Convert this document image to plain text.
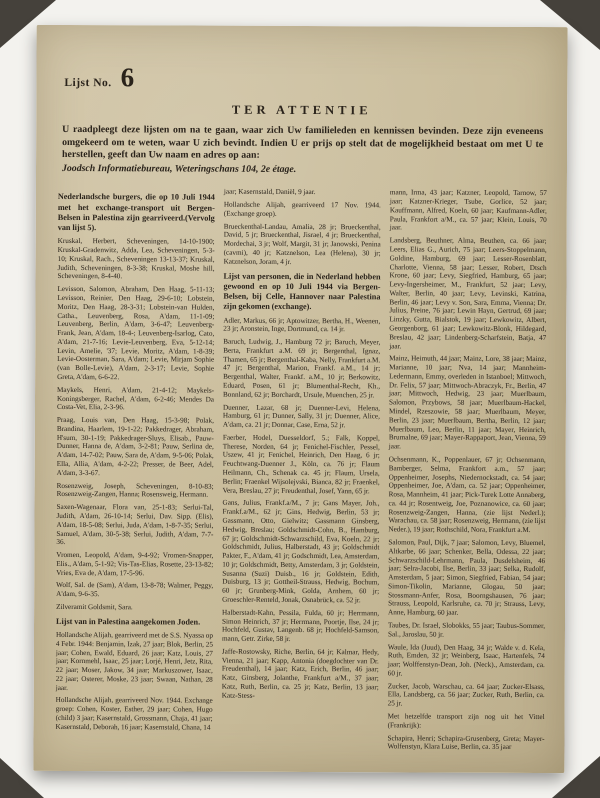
Lijst No. 6
TER ATTENTIE

U raadpleegt deze lijsten om na te gaan, waar zich Uw familieleden en kennissen bevinden. Deze zijn eveneens omgekeerd om te weten, waar U zich bevindt. Indien U er prijs op stelt dat de mogelijkheid bestaat om met U te herstellen, geeft dan Uw naam en adres op aan:

Joodsch Informatiebureau, Weteringschans 104, 2e étage.

Nederlandsche burgers, die op 10 Juli 1944 met het exchange-transport uit Bergen-Belsen in Palestina zijn gearriveerd.(Vervolg van lijst 5).

Kruskal, Herbert, Scheveningen, 14-10-1900; Kruskal-Gradenwitz, Adda, Lea, Scheveningen, 5-3-10; Kruskal, Rach., Scheveningen 13-13-37; Kruskal, Judith, Scheveningen, 8-3-38; Kruskal, Moshe hill, Scheveningen, 8-4-40.

Levisson, Salomon, Abraham, Den Haag, 5-11-13; Levisson, Reinier, Den Haag, 29-6-10; Lobstein, Moritz, Den Haag, 28-3-31; Lobstein-van Hulden, Catha., Leuvenberg, Rosa, A'dam, 11-1-09; Leuvenberg, Berlin, A'dam, 3-6-47; Leuvenberg-Frank, Jean, A'dam, 18-4-; Leuvenberg-Isarlog, Cato, A'dam, 21-7-16; Levie-Leuvenberg, Eva, 5-12-14; Levin, Amelie, '37; Levie, Moritz, A'dam, 1-8-39; Levie-Oosterman, Sara, A'dam; Levie, Mirjam Sophie (van Bolle-Levie), A'dam, 2-3-17; Levie, Sophie Greta, A'dam, 6-6-22.

Maykels, Henri, A'dam, 21-4-12; Maykels-Koningsberger, Rachel, A'dam, 6-2-46; Mendes Da Costa-Vet, Elia, 2-3-96.

Praag, Louis van, Den Haag, 15-3-98; Polak, Brandina, Haarlem, 19-1-22; Pakkedrager, Abraham, H'sum, 30-1-19; Pakkedrager-Sluys, Elisab., Pauw-Dunner, Hanna de, A'dam, 3-2-81; Pauw, Serlina de, A'dam, 14-7-02; Pauw, Sara de, A'dam, 9-5-06; Polak, Ella, Allia, A'dam, 4-2-22; Presser, de Beer, Adel, A'dam, 3-3-67.

Rosenzweig, Joseph, Scheveningen, 8-10-83; Rosenzweig-Zangen, Hanna; Rosensweig, Hermann.

Saxen-Wagenaar, Flora van, 25-1-83; Serlui-Tal, Judith, A'dam, 26-10-14; Serlui, Dav. Sipp. (Elis), A'dam, 18-5-08; Serlui, Juda, A'dam, 1-8-7-35; Serlui, Samuel, A'dam, 30-5-38; Serlui, Judith, A'dam, 7-7-36.

Vromen, Leopold, A'dam, 9-4-92; Vromen-Snapper, Elis., A'dam, 5-1-92; Vis-Tas-Elias, Rosette, 23-13-82; Vries, Eva de, A'dam, 17-5-96.

Wolf, Sal. de (Sam), A'dam, 13-8-78; Walmer, Peggy, A'dam, 9-6-35.

Zilveramit Goldsmit, Sara.

Lijst van in Palestina aangekomen Joden.

Hollandsche Alijah, gearriveerd met de S.S. Nyassa op 4 Febr. 1944: Benjamin, Izak, 27 jaar; Blok, Berlin, 25 jaar; Cohen, Ewald, Eduard, 26 jaar; Katz, Louis, 27 jaar; Kornmehl, Isaac, 25 jaar; Lorjé, Henri, Jetz, Rita, 22 jaar; Moser, Jakow, 34 jaar; Markuszower, Isaac, 22 jaar; Osterer, Moske, 23 jaar; Swaan, Nathan, 28 jaar.

Hollandsche Alijah, gearriveerd Nov. 1944. Exchange groep: Cohen, Koster, Esther, 29 jaar; Cohen, Hugo (child) 3 jaar; Kasernstald, Grossmann, Chaja, 41 jaar; Kasernstald, Deborah, 16 jaar; Kasernstald, Chana, 14

jaar; Kasernstald, Daniël, 9 jaar.

Hollandsche Alijah, gearriveerd 17 Nov. 1944. (Exchange groep).

Brueckenthal-Landau, Amalia, 28 jr; Brueckenthal, David, 5 jr; Brueckenthal, Jisrael, 4 jr; Brueckenthal, Mordechai, 3 jr; Wolf, Margit, 31 jr; Janowski, Penina (cavmi), 40 jr; Katznelson, Lea (Helena), 30 jr; Katznelson, Joram, 4 jr.

Lijst van personen, die in Nederland hebben gewoond en op 10 Juli 1944 via Bergen-Belsen, bij Celle, Hannover naar Palestina zijn gekomen (exchange).

Adler, Markus, 66 jr; Aptowitzer, Bertha, H., Weenen, 23 jr; Aronstein, Inge, Dortmund, ca. 14 jr.

Baruch, Ludwig, J., Hamburg 72 jr; Baruch, Meyer, Berta, Frankfurt a.M. 69 jr; Bergenthal, Ignaz, Thamen, 65 jr; Bergenthal-Kaba, Nelly, Frankfurt a.M. 47 jr; Bergenthal, Marion, Frankf. a.M., 14 jr; Bergenthal, Walter, Frankf. a.M., 10 jr; Berkowitz, Eduard, Posen, 61 jr; Blumenthal-Recht, Kh., Bonnland, 62 jr; Borchardt, Ursule, Muenchen, 25 jr.

Duenner, Lazar, 68 jr; Duenner-Levi, Helena, Hamburg, 61 jr; Dunner, Sally, 31 jr; Duenner, Alice, A'dam, ca. 21 jr; Donnar, Case, Erna, 52 jr.

Faerber, Hodel, Duesseldorf, 5.; Falk, Koppel, Therese, Norden, 64 jr; Fenichel-Fischler, Pessel, Uszew, 41 jr; Fenichel, Heinrich, Den Haag, 6 jr; Feuchtwang-Duenner J., Köln, ca. 76 jr; Flaum Heilmann, Ch., Schenak ca. 45 jr; Flaum, Ursela, Berlin; Fraenkel Wijsolejvski, Bianca, 82 jr; Fraenkel, Vera, Breslau, 27 jr; Freudenthal, Josef, Yann, 65 jr.

Gans, Julius, Frankf.a/M., 7 jr; Gans Mayer, Joh., Frankf.a/M., 62 jr; Gins, Hedwig, Berlin, 53 jr; Gassmann, Otto, Gielwitz; Gassmann Ginsberg, Hedwig, Breslau; Goldschmidt-Cohn, B., Hamburg, 67 jr; Goldschmidt-Schwarzschild, Eva, Koeln, 22 jr; Goldschmidt, Julius, Halberstadt, 43 jr; Goldschmidt Pakter, F., A'dam, 41 jr; Godschmidt, Lea, Amsterdam, 10 jr; Goldschmidt, Betty, Amsterdam, 3 jr; Goldstein, Susanna (Suzi) Duisb., 16 jr; Goldstein, Edith, Duisburg, 13 jr; Gottheil-Strauss, Hedwig, Bochum, 60 jr; Grunberg-Mink, Golda, Arnhem, 60 jr; Groeschler-Renteld, Jonak, Osnabrück, ca. 52 jr.

Halberstadt-Kahn, Pessila, Fulda, 60 jr; Herrmann, Simon Heinrich, 37 jr; Herrmann, Poortje, Ilse, 24 jr; Hochfeld, Gustav, Langenb. 68 jr; Hochfeld-Samson, mann, Getr. Zirke, 58 jr.

Jaffe-Rostowsky, Riche, Berlin, 64 jr; Kalmar, Hedy, Vienna, 21 jaar; Kapp, Antonia (doegdochter van Dr. Freudenthal), 14 jaar; Katz, Erich, Berlin, 46 jaar; Katz, Ginsberg, Jolanthe, Frankfurt a/M., 37 jaar; Katz, Ruth, Berlin, ca. 25 jr; Katz, Berlin, 13 jaar; Katz-Stess-

mann, Irma, 43 jaar; Katzner, Leopold, Tarnow, 57 jaar; Katzner-Krieger, Tsube, Gorlice, 52 jaar; Kauffmann, Alfred, Koeln, 60 jaar; Kaufmann-Adler, Paula, Frankfort a/M., ca. 57 jaar; Klein, Louis, 70 jaar.

Landsberg, Beuthner, Alma, Beuthen, ca. 66 jaar; Leers, Elias G., Aurich, 75 jaar; Leers-Stoppelmann, Goldine, Hamburg, 69 jaar; Lesser-Rosenblatt, Charlotte, Vienna, 58 jaar; Lesser, Robert, Dtsch Krone, 60 jaar; Levy, Siegfried, Hamburg, 65 jaar; Levy-Ingersheimer, M., Frankfurt, 52 jaar; Levy, Walter, Berlin, 40 jaar; Levy, Levinski, Katrina, Berlin, 46 jaar; Levy v. Son, Sara, Emma, Vienna; Dr. Julius, Preine, 76 jaar; Lewin Hayn, Gertrud, 69 jaar; Linzky, Gutta, Bialstok, 19 jaar; Lewkowitz, Albert, Georgenborg, 61 jaar; Lewkowitz-Blonk, Hildegard, Breslau, 42 jaar; Lindenberg-Scharfstein, Batja, 47 jaar.

Mainz, Heimuth, 44 jaar; Mainz, Lore, 38 jaar; Mainz, Marianne, 10 jaar; Nva, 14 jaar; Mannheim-Ledermann, Emmy, overleden in Istanboel; Mittwoch, Dr. Felix, 57 jaar; Mittwoch-Abraczyk, Fr., Berlin, 47 jaar; Mittwoch, Hedwig, 23 jaar; Muerlbaum, Salomon, Przybows, 58 jaar; Muerlbaum-Hackel, Mindel, Rzeszowie, 58 jaar; Muerlbaum, Meyer, Berlin, 23 jaar; Muerlbaum, Bertha, Berlin, 12 jaar; Muerlbaum, Leo, Berlin, 11 jaar; Mayer, Heinrich, Brumalne, 69 jaar; Mayer-Rappaport, Jean, Vienna, 59 jaar.

Ochsenmann, K., Poppenlauer, 67 jr; Ochsenmann, Bamberger, Selma, Frankfort a.m., 57 jaar; Oppenheimer, Josephs, Niedernockstadt, ca. 54 jaar; Oppenheimer, Joe, A'dam, ca. 52 jaar; Oppenheimer, Rosa, Mannheim, 41 jaar; Pick-Turek Lotte Annaberg, ca. 44 jr; Rosentweig, Joe, Poznanowice, ca. 60 jaar; Rosenzweig-Zangen, Hanna, (zie lijst Nederl.); Warachau, ca. 58 jaar; Rosenzweig, Hermann, (zie lijst Neder.), 19 jaar; Rothschild, Nora, Frankfurt a.M.

Salomon, Paul, Dijk, 7 jaar; Salomon, Levy, Bluemel, Altkarbe, 66 jaar; Schenker, Bella, Odessa, 22 jaar; Schwarzschild-Lehrmann, Paula, Dusdelsheim, 46 jaar; Selra-Jacobi, Ilse, Berlin, 33 jaar; Selka, Rudolf, Amsterdam, 5 jaar; Simon, Siegfried, Fabian, 54 jaar; Simon-Tikolin, Marianne, Glogau, 50 jaar; Stossmann-Anfer, Rosa, Boorngshausen, 76 jaar; Strauss, Leopold, Karlsruhe, ca. 70 jr; Strauss, Levy, Anne, Hamburg, 60 jaar.

Taubes, Dr. Israel, Slobokks, 55 jaar; Taubus-Sommer, Sal., Jaroslau, 50 jr.

Waule, Ida (Juud), Den Haag, 34 jr; Walde v. d. Kela, Ruth, Emden, 32 jr; Weinberg, Isaac, Hartenfels, 74 jaar; Wolffenstyn-Dean, Joh. (Neck)., Amsterdam, ca. 60 jr.

Zucker, Jacob, Warschau, ca. 64 jaar; Zucker-Elsass, Ella, Landsberg, ca. 56 jaar; Zucker, Ruth, Berlin, ca. 25 jr.

Met hetzelfde transport zijn nog uit het Vittel (Frankrijk):

Schapira, Henri; Schapira-Grusenberg, Greta; Mayer-Wolfenstyn, Klara Luise, Berlin, ca. 35 jaar
